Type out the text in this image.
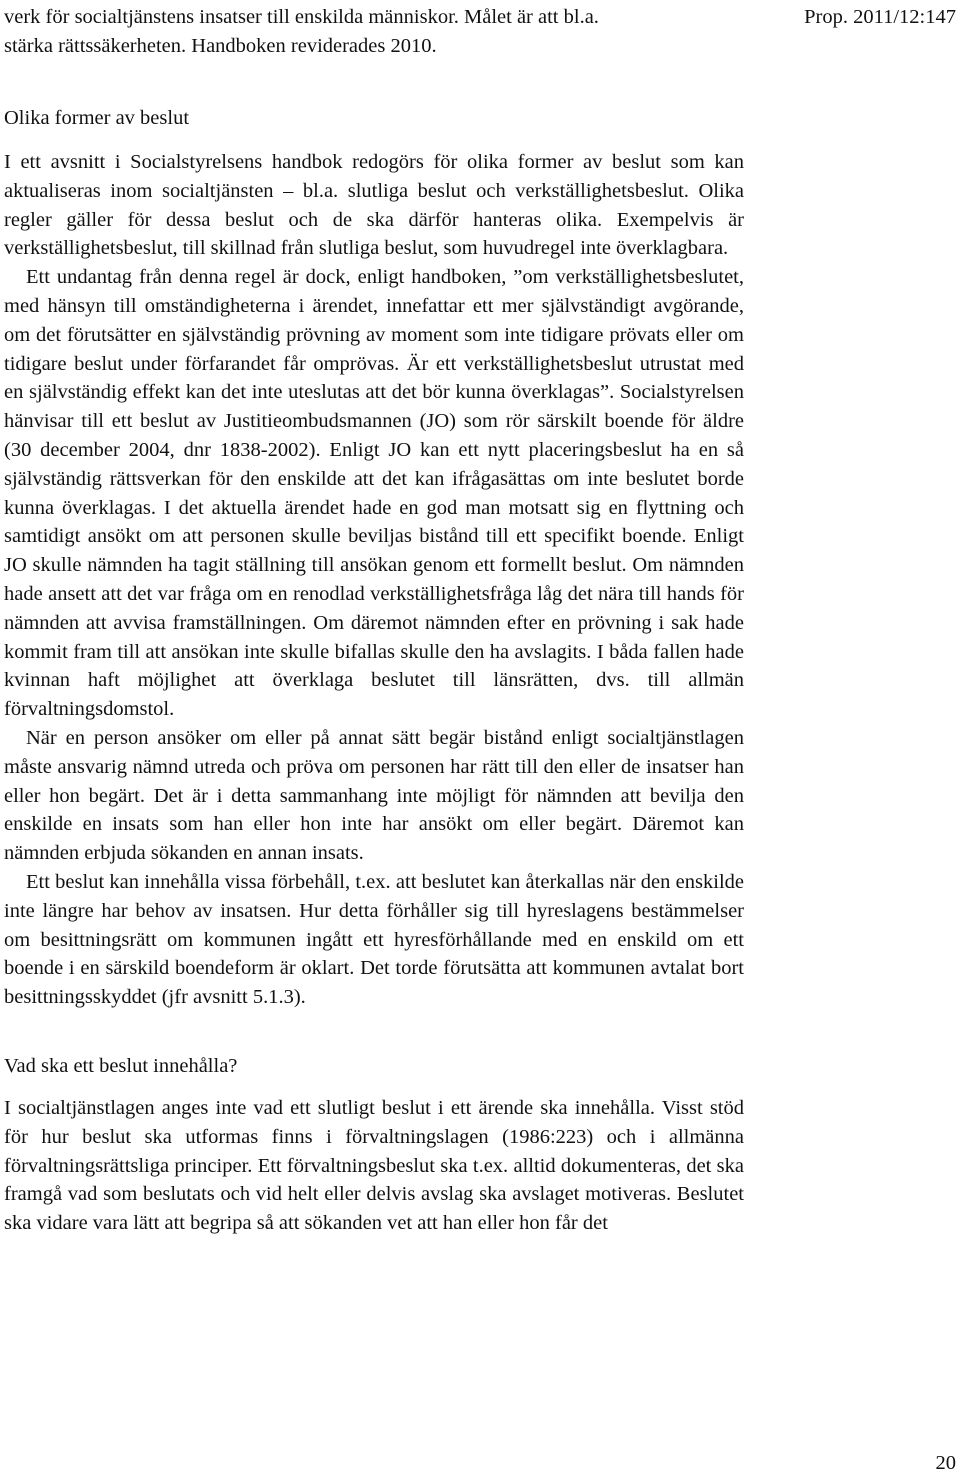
verk för socialtjänstens insatser till enskilda människor. Målet är att bl.a.
stärka rättssäkerheten. Handboken reviderades 2010.
Prop. 2011/12:147
Olika former av beslut

I ett avsnitt i Socialstyrelsens handbok redogörs för olika former av beslut som kan aktualiseras inom socialtjänsten – bl.a. slutliga beslut och verkställighetsbeslut. Olika regler gäller för dessa beslut och de ska därför hanteras olika. Exempelvis är verkställighetsbeslut, till skillnad från slutliga beslut, som huvudregel inte överklagbara.

Ett undantag från denna regel är dock, enligt handboken, ”om verkställighetsbeslutet, med hänsyn till omständigheterna i ärendet, innefattar ett mer självständigt avgörande, om det förutsätter en självständig prövning av moment som inte tidigare prövats eller om tidigare beslut under förfarandet får omprövas. Är ett verkställighetsbeslut utrustat med en självständig effekt kan det inte uteslutas att det bör kunna överklagas”. Socialstyrelsen hänvisar till ett beslut av Justitieombudsmannen (JO) som rör särskilt boende för äldre (30 december 2004, dnr 1838-2002). Enligt JO kan ett nytt placeringsbeslut ha en så självständig rättsverkan för den enskilde att det kan ifrågasättas om inte beslutet borde kunna överklagas. I det aktuella ärendet hade en god man motsatt sig en flyttning och samtidigt ansökt om att personen skulle beviljas bistånd till ett specifikt boende. Enligt JO skulle nämnden ha tagit ställning till ansökan genom ett formellt beslut. Om nämnden hade ansett att det var fråga om en renodlad verkställighetsfråga låg det nära till hands för nämnden att avvisa framställningen. Om däremot nämnden efter en prövning i sak hade kommit fram till att ansökan inte skulle bifallas skulle den ha avslagits. I båda fallen hade kvinnan haft möjlighet att överklaga beslutet till länsrätten, dvs. till allmän förvaltningsdomstol.

När en person ansöker om eller på annat sätt begär bistånd enligt socialtjänstlagen måste ansvarig nämnd utreda och pröva om personen har rätt till den eller de insatser han eller hon begärt. Det är i detta sammanhang inte möjligt för nämnden att bevilja den enskilde en insats som han eller hon inte har ansökt om eller begärt. Däremot kan nämnden erbjuda sökanden en annan insats.

Ett beslut kan innehålla vissa förbehåll, t.ex. att beslutet kan återkallas när den enskilde inte längre har behov av insatsen. Hur detta förhåller sig till hyreslagens bestämmelser om besittningsrätt om kommunen ingått ett hyresförhållande med en enskild om ett boende i en särskild boendeform är oklart. Det torde förutsätta att kommunen avtalat bort besittningsskyddet (jfr avsnitt 5.1.3).

Vad ska ett beslut innehålla?

I socialtjänstlagen anges inte vad ett slutligt beslut i ett ärende ska innehålla. Visst stöd för hur beslut ska utformas finns i förvaltningslagen (1986:223) och i allmänna förvaltningsrättsliga principer. Ett förvaltningsbeslut ska t.ex. alltid dokumenteras, det ska framgå vad som beslutats och vid helt eller delvis avslag ska avslaget motiveras. Beslutet ska vidare vara lätt att begripa så att sökanden vet att han eller hon får det

20
